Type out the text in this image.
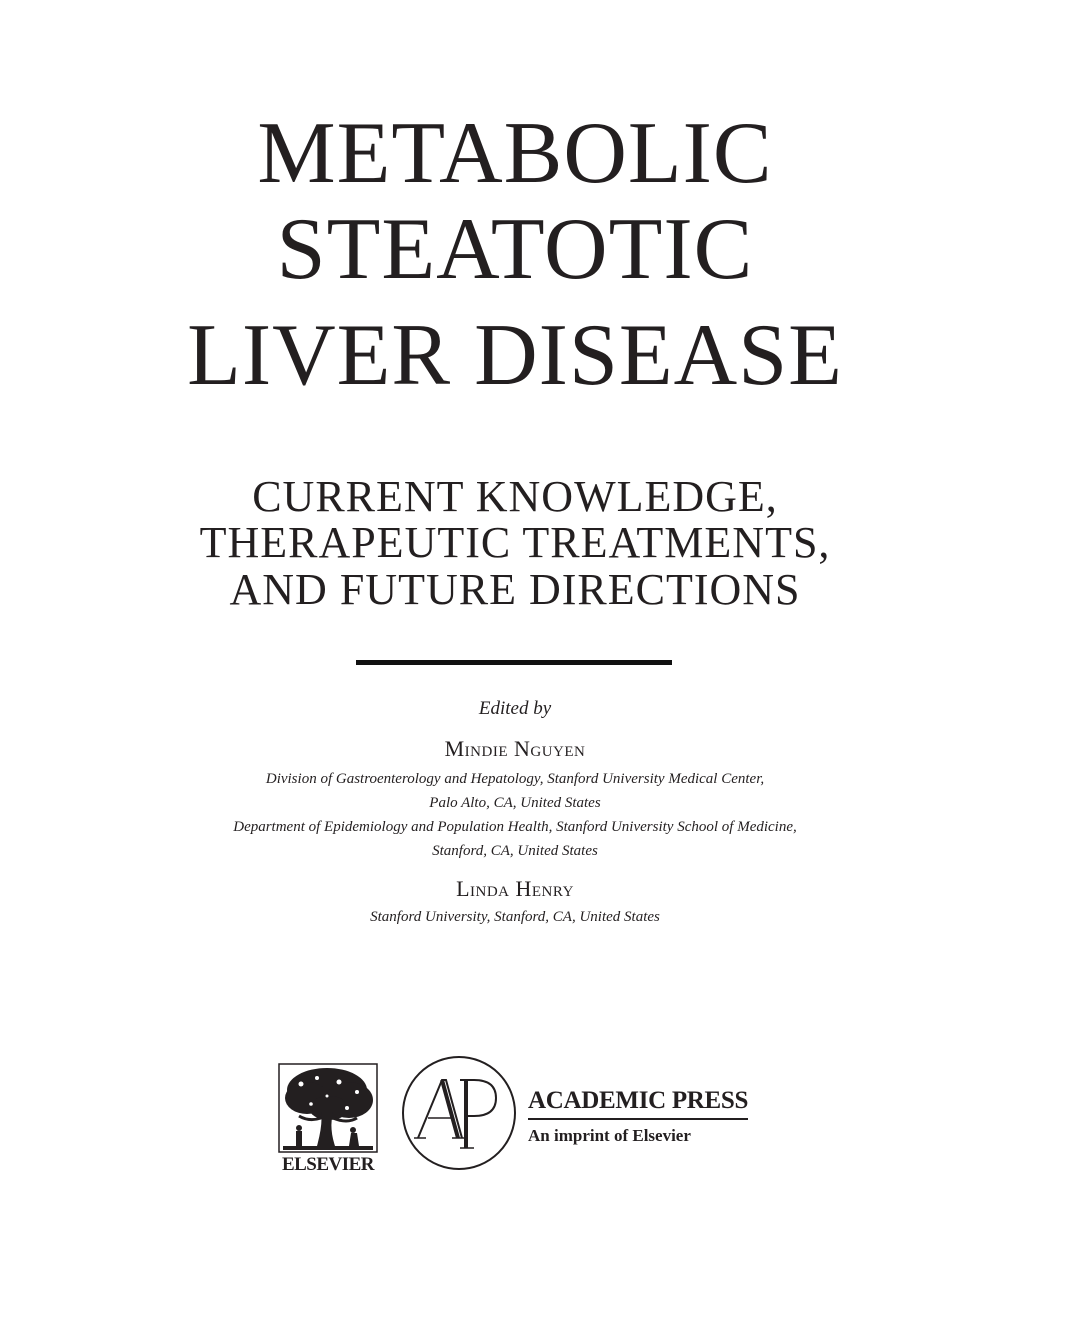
METABOLIC
STEATOTIC
LIVER DISEASE
CURRENT KNOWLEDGE,
THERAPEUTIC TREATMENTS,
AND FUTURE DIRECTIONS
Edited by
Mindie Nguyen
Division of Gastroenterology and Hepatology, Stanford University Medical Center,
Palo Alto, CA, United States
Department of Epidemiology and Population Health, Stanford University School of Medicine,
Stanford, CA, United States
Linda Henry
Stanford University, Stanford, CA, United States
ELSEVIER
ACADEMIC PRESS
An imprint of Elsevier
